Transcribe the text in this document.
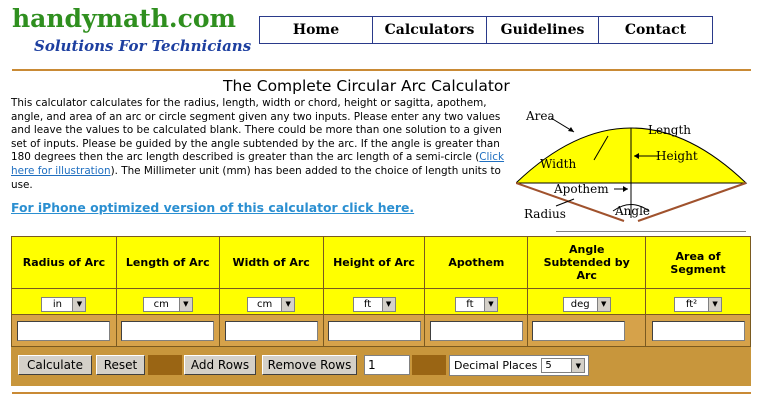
handymath.com
Solutions For Technicians
Home	Calculators	Guidelines	Contact
The Complete Circular Arc Calculator
This calculator calculates for the radius, length, width or chord, height or sagitta, apothem, angle, and area of an arc or circle segment given any two inputs. Please enter any two values and leave the values to be calculated blank. There could be more than one solution to a given set of inputs. Please be guided by the angle subtended by the arc. If the angle is greater than 180 degrees then the arc length described is greater than the arc length of a semi-circle (Click here for illustration). The Millimeter unit (mm) has been added to the choice of length units to use.
For iPhone optimized version of this calculator click here.
Area
Length
Height
Width
Apothem
Radius	Angle
Radius of Arc	Length of Arc	Width of Arc	Height of Arc	Apothem	Angle Subtended by Arc	Area of Segment

in ▼	cm ▼	cm ▼	ft ▼	ft ▼	deg ▼	ft² ▼

Calculate	Reset	Add Rows	Remove Rows	1	Decimal Places 5	▼
